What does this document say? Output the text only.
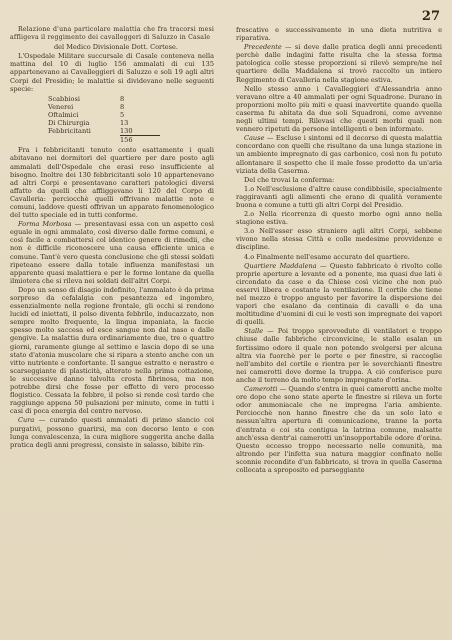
27

Relazione d'una particolare malattia che fra tracorsi mesi affligeva il reggimento dei cavalleggeri di Saluzzo in Casale

del Medico Divisionale Dott. Cortese.

L'Ospedale Militare succursale di Casale conteneva nella mattina del 10 di luglio 156 ammalati di cui 135 appartenevano ai Cavalleggieri di Saluzzo e soli 19 agli altri Corpi del Presidio; le malattie si dividevano nelle seguenti specie:

Scabbiosi	8
Venerei	8
Oftalmici	5
Di Chirurgia	13
Febbricitanti	130
156

Fra i febbricitanti tenuto conto esattamente i quali abitavano nei dormitori del quartiere per dare posto agli ammalati dell'Ospedale che erasi reso insufficiente al bisogno. Inoltre dei 130 febbricitanti solo 10 appartenevano ad altri Corpi e presentavano caratteri patologici diversi affatto da quelli che affliggevano li 120 del Corpo di Cavalleria: perciocchè quelli offrivano malattie note e comuni, laddove questi offrivan un apparato fenomenologico del tutto speciale ed in tutti conforme.

Forma Morbosa — presentavasi essa con un aspetto così eguale in ogni ammalato, così diverso dalle forme comuni, e così facile a combattersi col identico genere di rimedii, che non è difficile riconoscere una causa efficiente unica e comune. Tant'è vero questa conclusione che gli stessi soldati ripeteano essere dalla totale influenza manifestasi un apparente quasi malattiera e per le forme lontane da quella ilmiotera che si rileva nei soldati dell'altri Corpi.

Dopo un senso di disagio indefinito, l'ammalato è da prima sorpreso da cefalalgia con pesantezza ed ingombro, essenzialmente nella regione frontale, gli occhi si rendono lucidi ed iniettati, il polso diventa febbrile, inducazzato, non sempre molto frequente, la lingua impaniata, la faccie spesso molto saccesa ed esce sangue non dal naso e dalle gengive. La malattia dura ordinariamente due, tre o quattro giorni, raramente giunge al settimo e lascia dopo di se una stato d'atonia muscolare che si ripara a stento anche con un vitto nutriente e confortante. Il sangue estratto e nerastro e scarseggiante di plasticità, alterato nella prima cottazione, le successive danno talvolta crosta fibrinosa, ma non potrebbe dirsi che fosse per effetto di vero processo flogistico. Cessata la febbre, il polso si rende così tardo che raggiunge appena 50 pulsazioni per minuto, come in tutti i casi di poca energia del centro nervoso.

Cura — curando questi ammalati di primo slancio coi purgativi, possono guarirsi, ma con decorso lento e con lunga convalescenza, la cura migliore suggerita anche dalla pratica degli anni pregressi, consiste in salasso, bibite rin-

frescative e successivamente in una dieta nutritiva e riparativa.

Precedente — si deve dalle pratica degli anni precedenti perchè dalle indagini fatte risulta che la stessa forma patologica colle stesse proporzioni si rilevò sempre/ne nel quartiere della Maddalena si trovò raccolto un intiero Reggimento di Cavalleria nella stagione estiva.

Nello stesso anno i Cavalleggieri d'Alessandria anno veravano oltre a 40 ammalati per ogni Squadrone. Durano in proporzioni molto più miti e quasi inavvertite quando quella caserma fu abitata da due soli Squadroni, come avvenne negli ultimi tempi. Rilevasi che questi morbi quali non vennero ripetuti da persone intelligenti e ben informate.

Cause — Escluse i sintomi ed il decorso di questa malattia concordano con quelli che risultano da una lunga stazione in un ambiente impregnato di gas carbonico, così non fu potuto allontanare il sospetto che il male fosse prodotto da un'aria viziata della Caserma.

Del che trovai la conferma:

1.o Nell'esclusione d'altre cause condibbisile, specialmente raggiravanti agli alimenti che erano di qualità veramente buona e comune a tutti gli altri Corpi del Presidio.

2.o Nella ricorrenza di questo morbo ogni anno nella stagione estiva.

3.o Nell'esser esso straniero agli altri Corpi, sebbene vivono nella stessa Città e colle medesime provvidenze e discipline.

4.o Finalmente nell'esame accurato del quartiere.

Quartiere Maddalena — Questo fabbricato è rivolto colle proprie aperture a levante ed a ponente, ma quasi due lati è circondato da case e da Chiese così vicine che non può esservi libera e costante la ventilazione. Il cortile che tiene nel mezzo è troppo angusto per favorire la dispersione dei vapori che esalano da centinaia di cavalli e da una moltitudine d'uomini di cui le vesti son impregnate dei vapori di quelli.

Stalle — Poi troppo sprovvedute di ventilatori e troppo chiuse dalle fabbriche circonvicine, le stalle esalan un fortissimo odore il quale non potendo svolgersi per alcuna altra via fuorchè per le porte e per finestre, si raccoglie nell'ambito del cortile e rientra per le soverchianti finestre nei camerotti dove dorme la truppa. A ciò conferisce pure anche il terreno da molto tempo impregnato d'orina.

Camerotti — Quando s'entra in quei camerotti anche molte ore dopo che sono state aperte le finestre si rileva un forte odor ammoniacale che ne impregna l'aria ambiente. Perciocchè non hanno finestre che da un solo lato e nessun'altra apertura di comunicazione, tranne la porta d'entrata e coi sta contigua la latrina comune, malsatte anch'essa dentr'ai camerotti un'insopportabile odore d'orina. Questo eccesso troppo necessario nelle comunità, ma altrondo per l'infetta sua natura maggior confinato nelle sconnie recondite d'un fabbricato, si trova in quella Caserma collocata a sproposito ed parseggiante
